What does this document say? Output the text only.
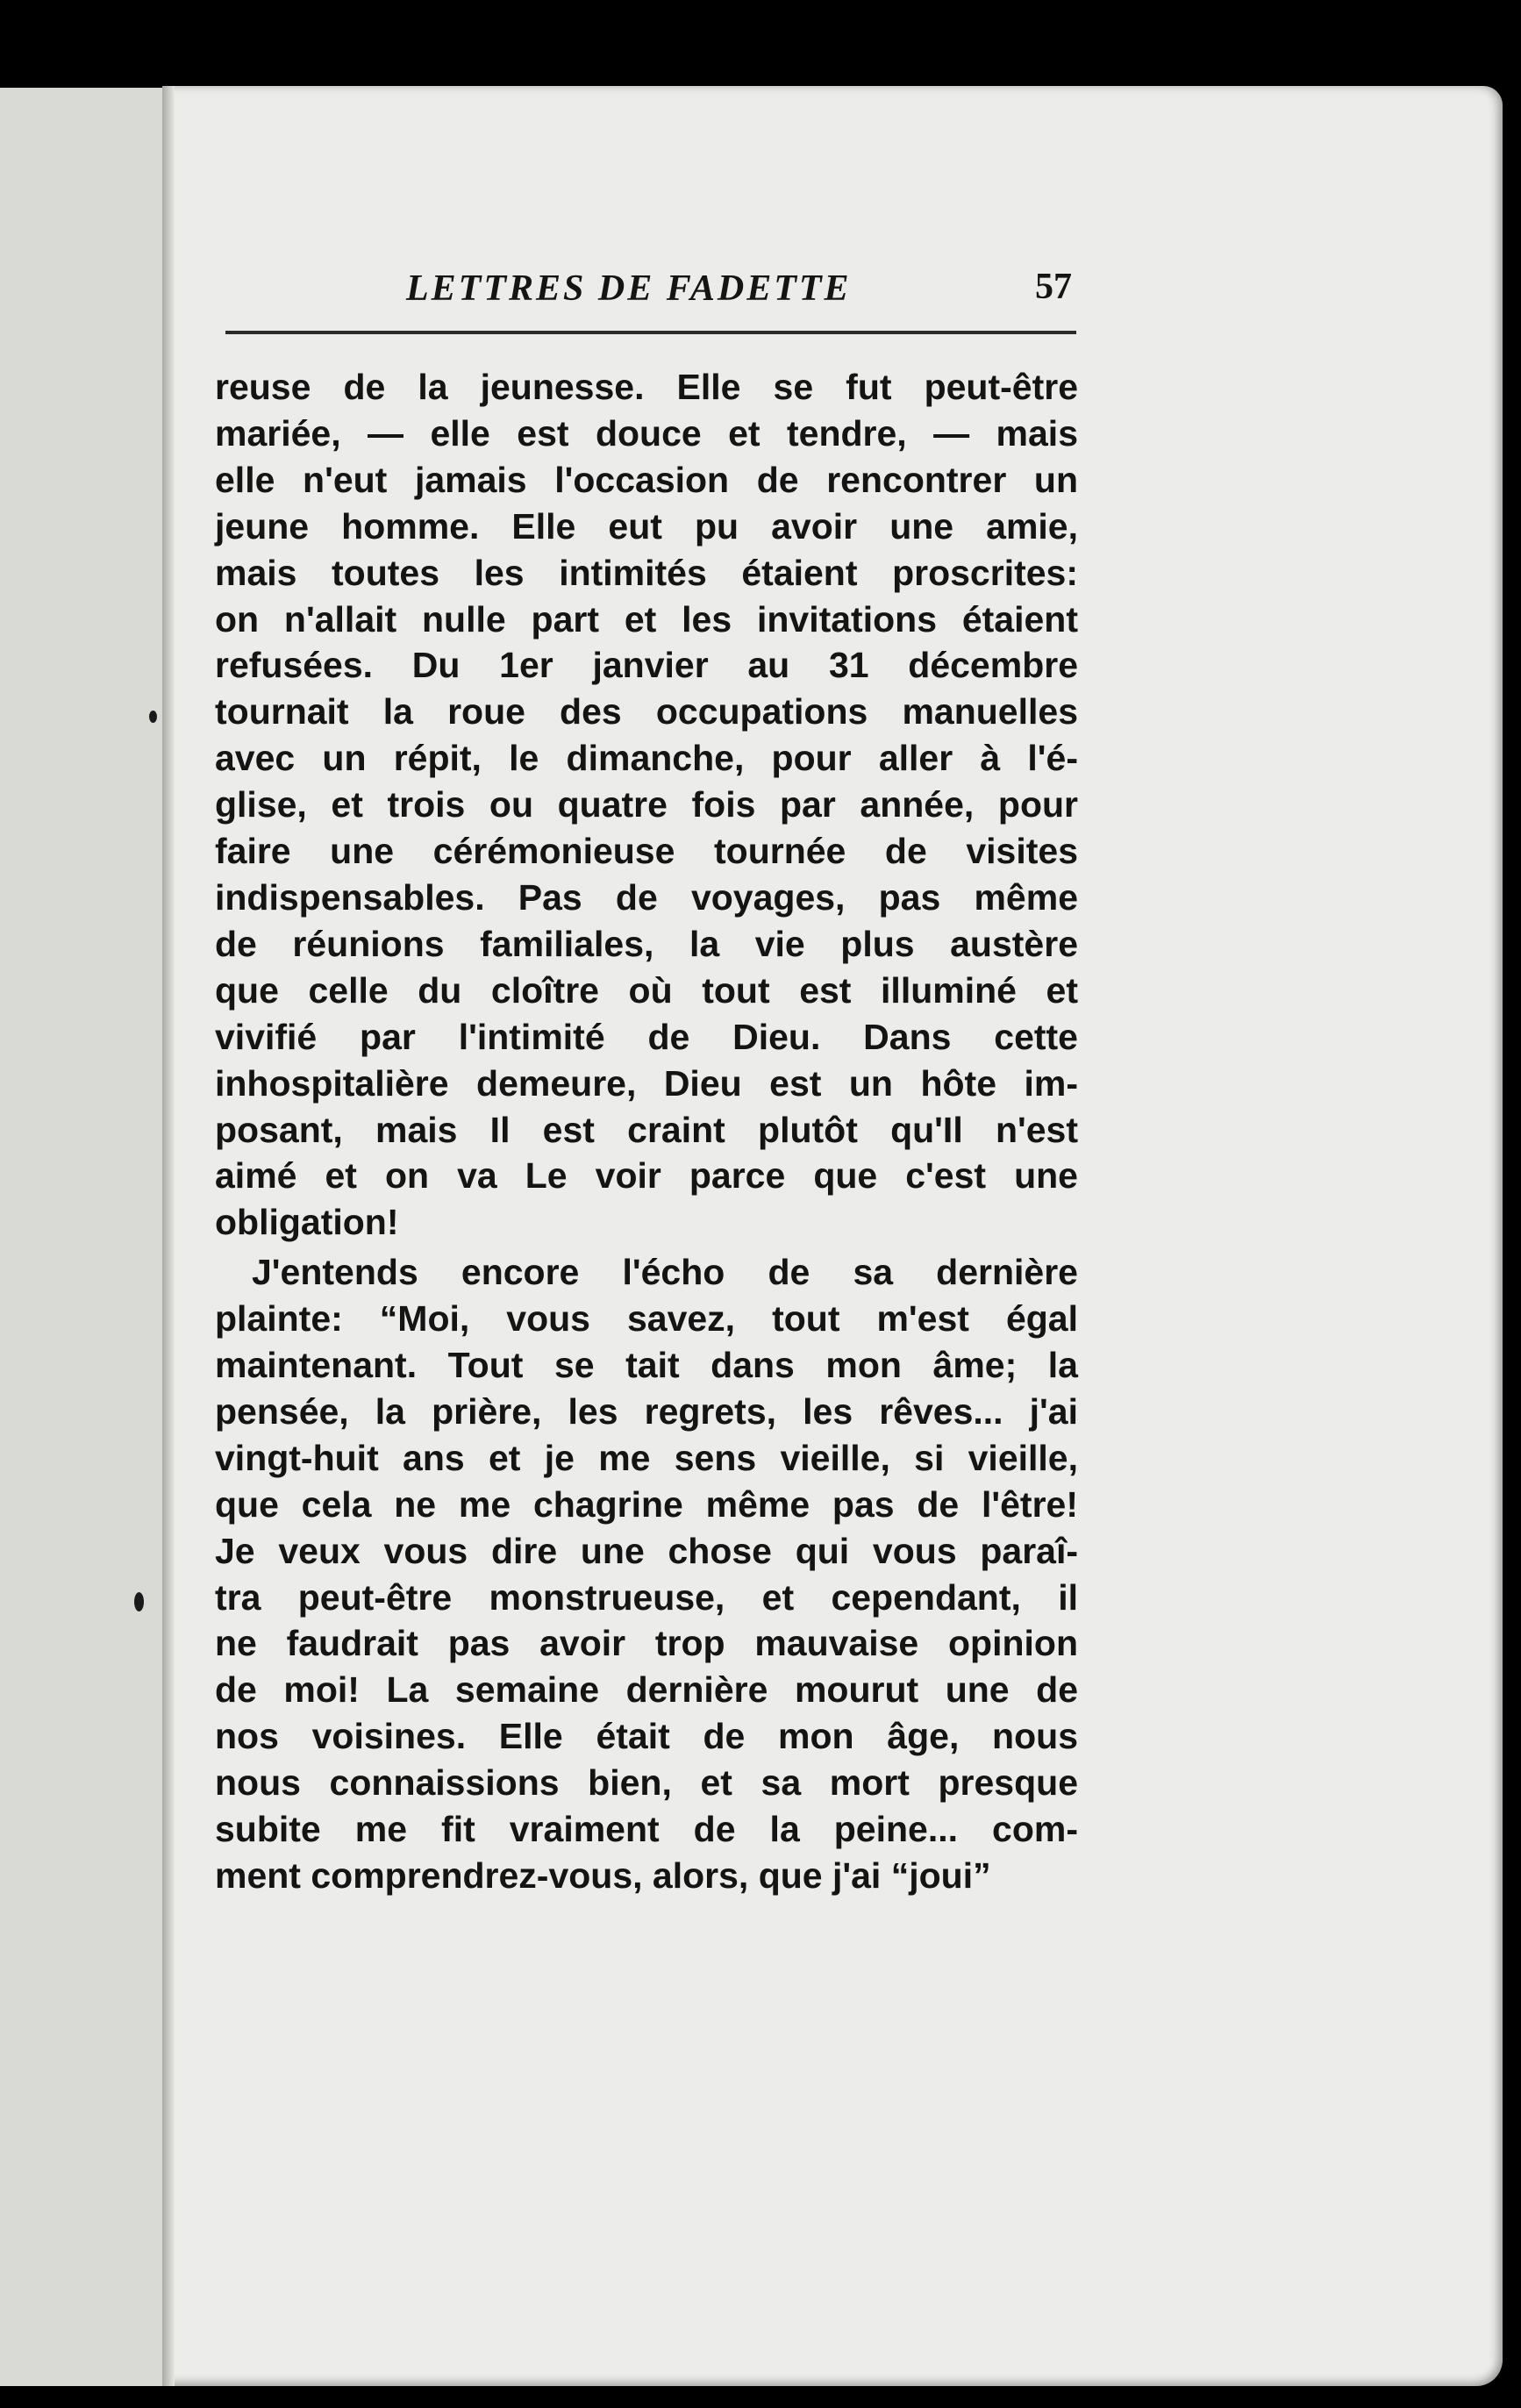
LETTRES DE FADETTE	57

reuse de la jeunesse. Elle se fut peut-être
mariée, — elle est douce et tendre, — mais
elle n'eut jamais l'occasion de rencontrer un
jeune homme. Elle eut pu avoir une amie,
mais toutes les intimités étaient proscrites:
on n'allait nulle part et les invitations étaient
refusées. Du 1er janvier au 31 décembre
tournait la roue des occupations manuelles
avec un répit, le dimanche, pour aller à l'é-
glise, et trois ou quatre fois par année, pour
faire une cérémonieuse tournée de visites
indispensables. Pas de voyages, pas même
de réunions familiales, la vie plus austère
que celle du cloître où tout est illuminé et
vivifié par l'intimité de Dieu. Dans cette
inhospitalière demeure, Dieu est un hôte im-
posant, mais Il est craint plutôt qu'Il n'est
aimé et on va Le voir parce que c'est une
obligation!

J'entends encore l'écho de sa dernière
plainte: “Moi, vous savez, tout m'est égal
maintenant. Tout se tait dans mon âme; la
pensée, la prière, les regrets, les rêves... j'ai
vingt-huit ans et je me sens vieille, si vieille,
que cela ne me chagrine même pas de l'être!
Je veux vous dire une chose qui vous paraî-
tra peut-être monstrueuse, et cependant, il
ne faudrait pas avoir trop mauvaise opinion
de moi! La semaine dernière mourut une de
nos voisines. Elle était de mon âge, nous
nous connaissions bien, et sa mort presque
subite me fit vraiment de la peine... com-
ment comprendrez-vous, alors, que j'ai “joui”
